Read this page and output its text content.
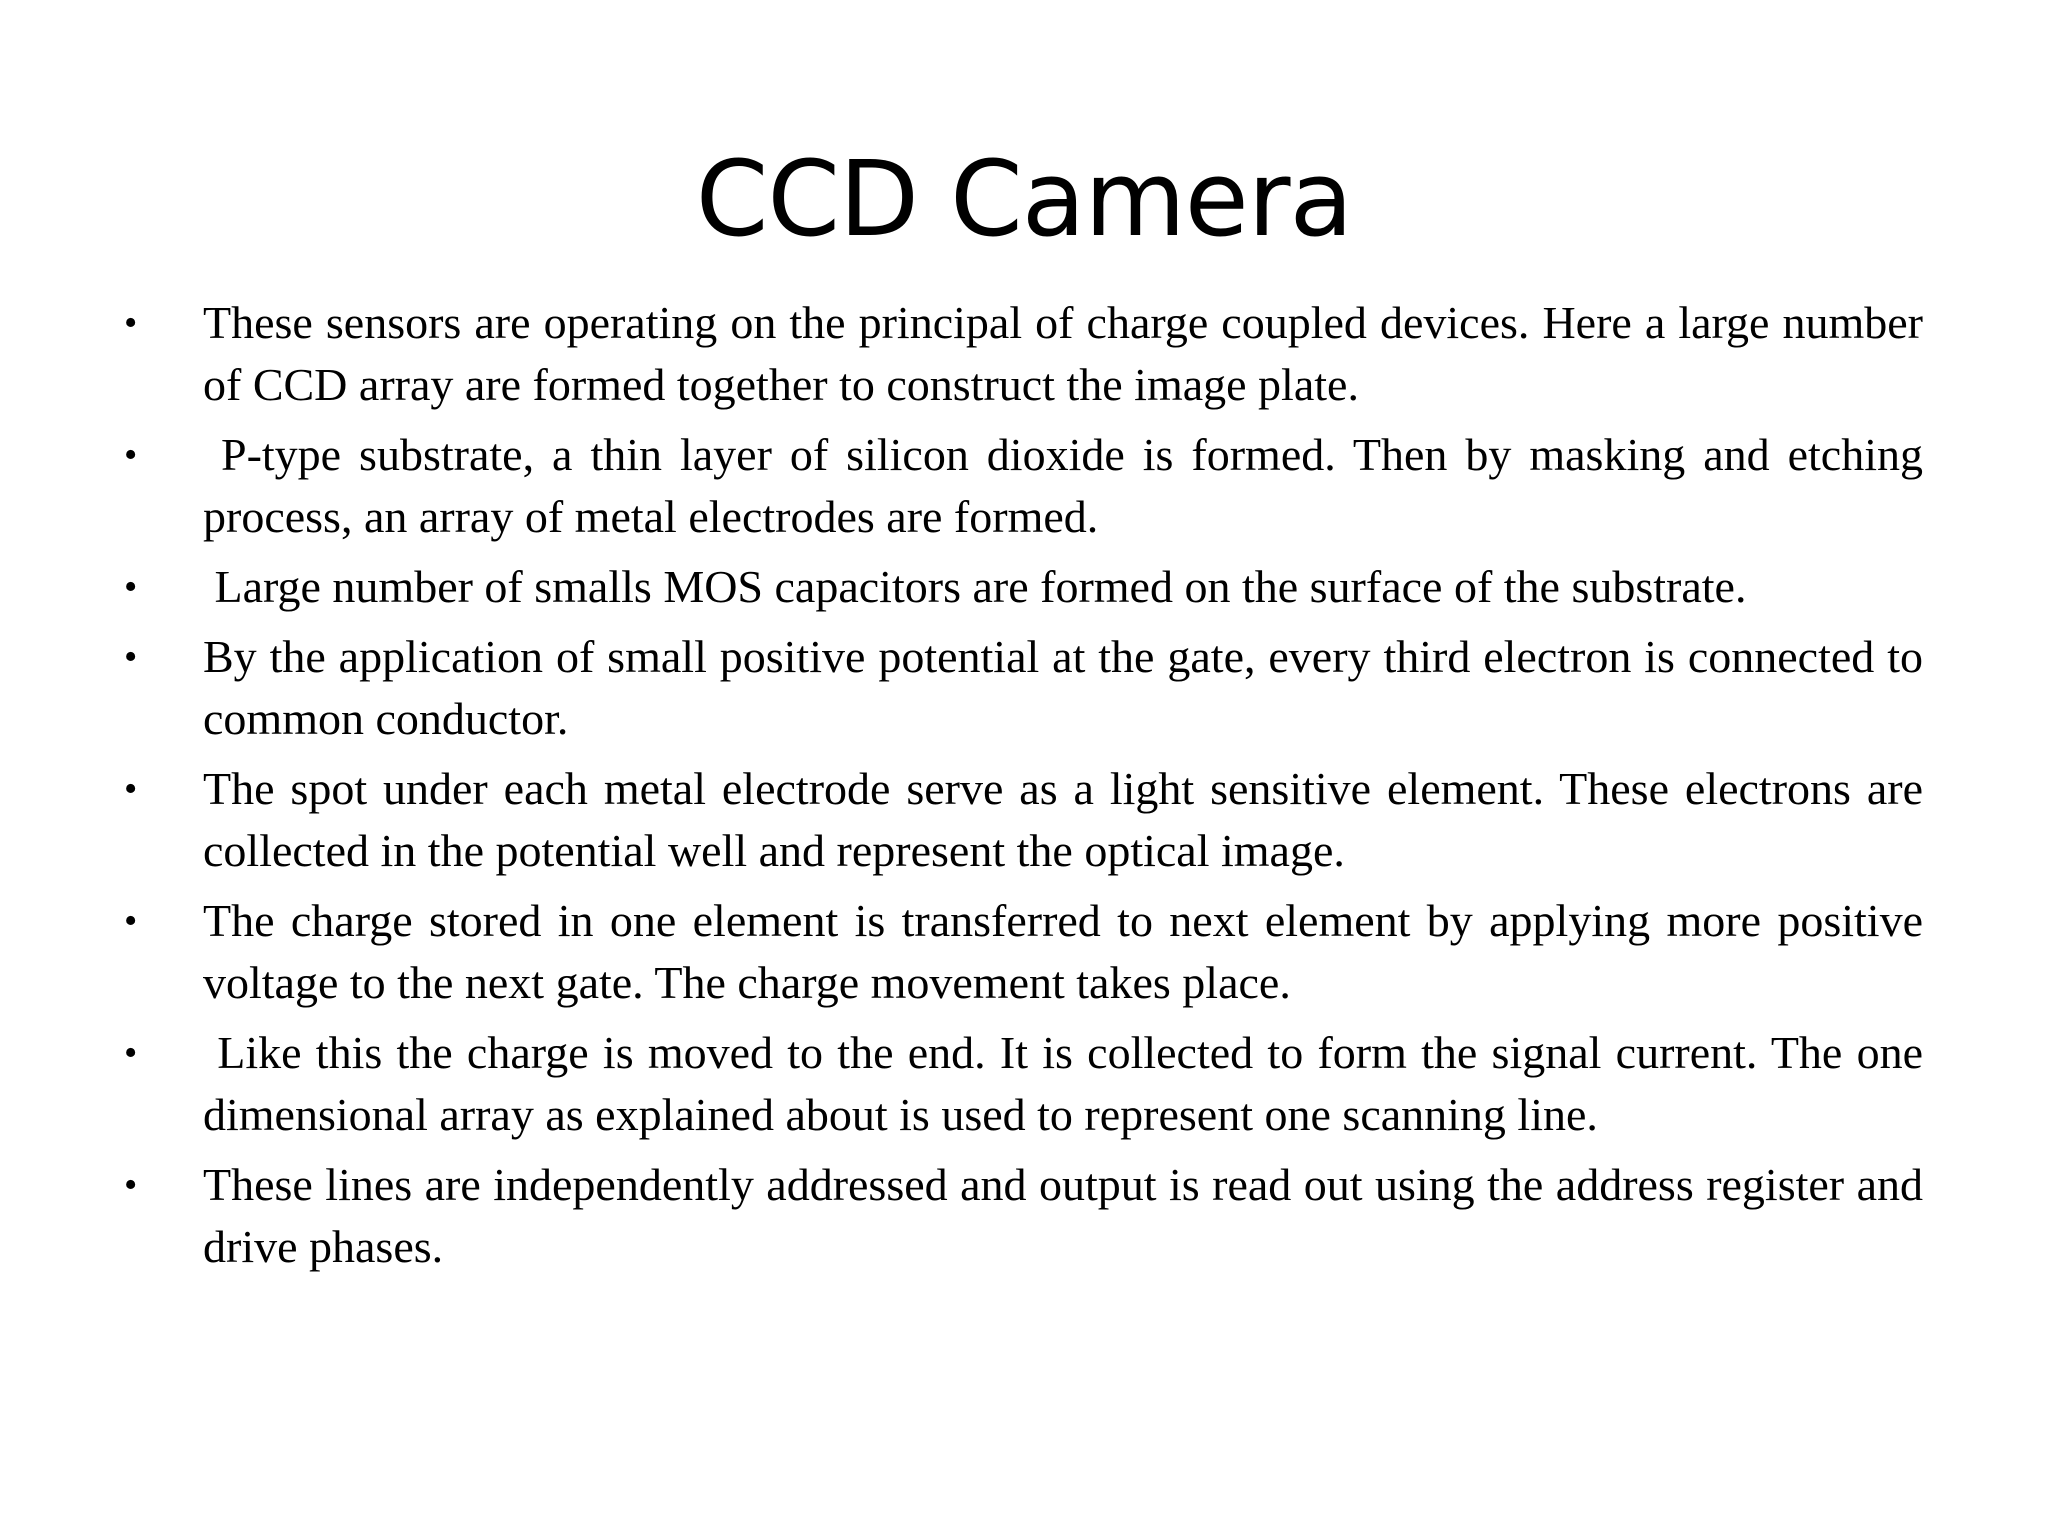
CCD Camera
• These sensors are operating on the principal of charge coupled devices. Here a large number of CCD array are formed together to construct the image plate.
• P-type substrate, a thin layer of silicon dioxide is formed. Then by masking and etching process, an array of metal electrodes are formed.
• Large number of smalls MOS capacitors are formed on the surface of the substrate.
• By the application of small positive potential at the gate, every third electron is connected to common conductor.
• The spot under each metal electrode serve as a light sensitive element. These electrons are collected in the potential well and represent the optical image.
• The charge stored in one element is transferred to next element by applying more positive voltage to the next gate. The charge movement takes place.
• Like this the charge is moved to the end. It is collected to form the signal current. The one dimensional array as explained about is used to represent one scanning line.
• These lines are independently addressed and output is read out using the address register and drive phases.
